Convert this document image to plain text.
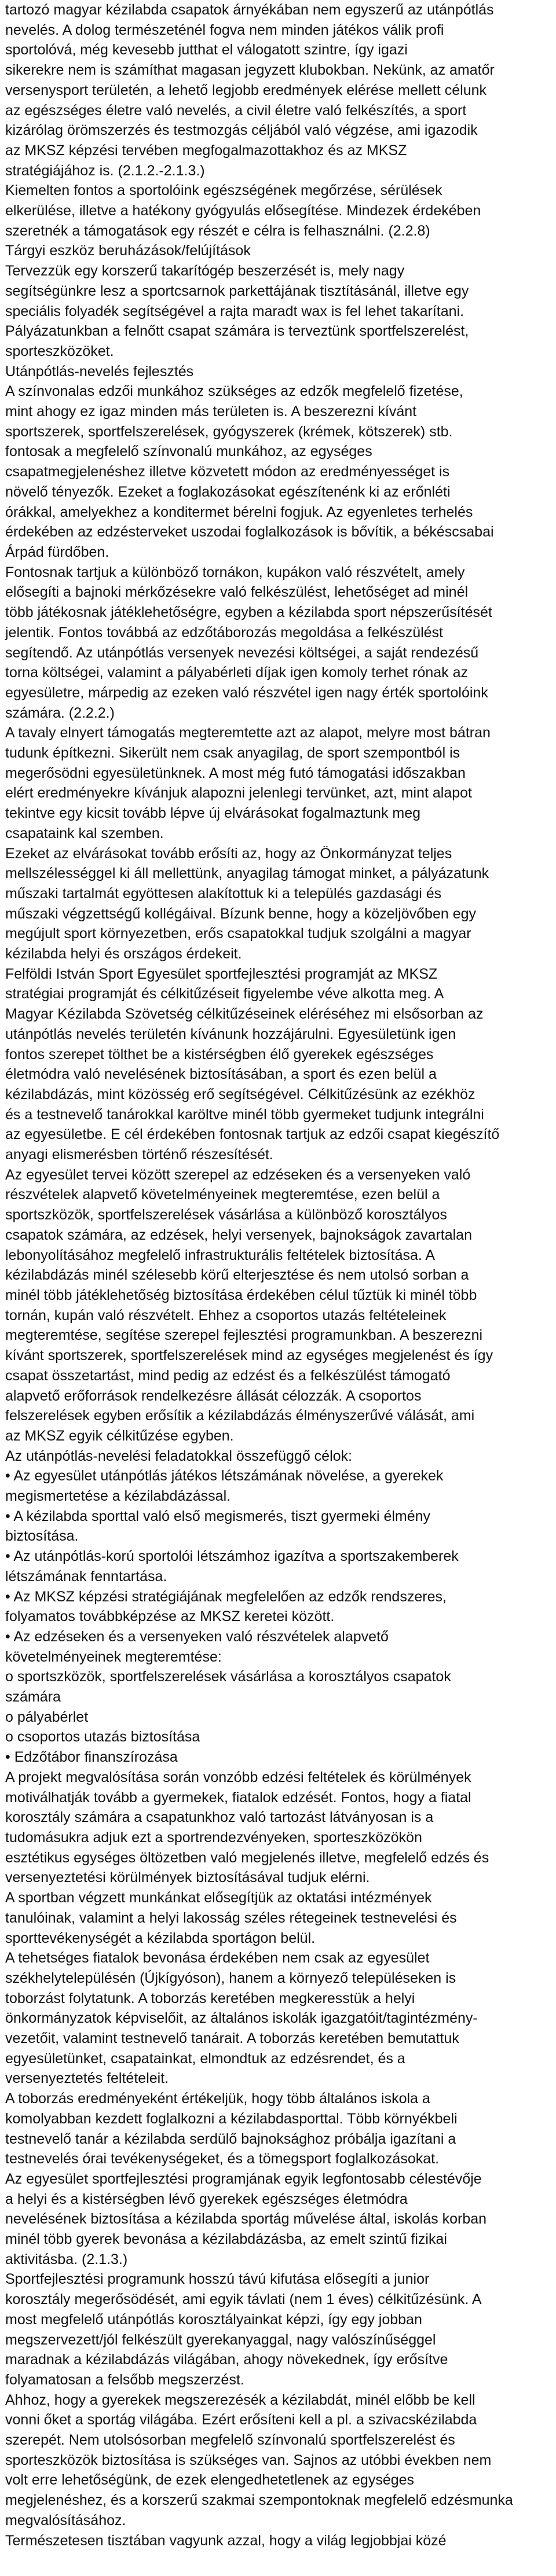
tartozó magyar kézilabda csapatok árnyékában nem egyszerű az utánpótlás
nevelés. A dolog természeténél fogva nem minden játékos válik profi
sportolóvá, még kevesebb jutthat el válogatott szintre, így igazi
sikerekre nem is számíthat magasan jegyzett klubokban. Nekünk, az amatőr
versenysport területén, a lehető legjobb eredmények elérése mellett célunk
az egészséges életre való nevelés, a civil életre való felkészítés, a sport
kizárólag örömszerzés és testmozgás céljából való végzése, ami igazodik
az MKSZ képzési tervében megfogalmazottakhoz és az MKSZ
stratégiájához is. (2.1.2.-2.1.3.)
Kiemelten fontos a sportolóink egészségének megőrzése, sérülések
elkerülése, illetve a hatékony gyógyulás elősegítése. Mindezek érdekében
szeretnék a támogatások egy részét e célra is felhasználni. (2.2.8)
Tárgyi eszköz beruházások/felújítások
Tervezzük egy korszerű takarítógép beszerzését is, mely nagy
segítségünkre lesz a sportcsarnok parkettájának tisztításánál, illetve egy
speciális folyadék segítségével a rajta maradt wax is fel lehet takarítani.
Pályázatunkban a felnőtt csapat számára is terveztünk sportfelszerelést,
sporteszközöket.
Utánpótlás-nevelés fejlesztés
A színvonalas edzői munkához szükséges az edzők megfelelő fizetése,
mint ahogy ez igaz minden más területen is. A beszerezni kívánt
sportszerek, sportfelszerelések, gyógyszerek (krémek, kötszerek) stb.
fontosak a megfelelő színvonalú munkához, az egységes
csapatmegjelenéshez illetve közvetett módon az eredményességet is
növelő tényezők. Ezeket a foglakozásokat egészítenénk ki az erőnléti
órákkal, amelyekhez a konditermet bérelni fogjuk. Az egyenletes terhelés
érdekében az edzésterveket uszodai foglalkozások is bővítik, a békéscsabai
Árpád fürdőben.
Fontosnak tartjuk a különböző tornákon, kupákon való részvételt, amely
elősegíti a bajnoki mérkőzésekre való felkészülést, lehetőséget ad minél
több játékosnak játéklehetőségre, egyben a kézilabda sport népszerűsítését
jelentik. Fontos továbbá az edzőtáborozás megoldása a felkészülést
segítendő. Az utánpótlás versenyek nevezési költségei, a saját rendezésű
torna költségei, valamint a pályabérleti díjak igen komoly terhet rónak az
egyesületre, márpedig az ezeken való részvétel igen nagy érték sportolóink
számára. (2.2.2.)
A tavaly elnyert támogatás megteremtette azt az alapot, melyre most bátran
tudunk építkezni. Sikerült nem csak anyagilag, de sport szempontból is
megerősödni egyesületünknek. A most még futó támogatási időszakban
elért eredményekre kívánjuk alapozni jelenlegi tervünket, azt, mint alapot
tekintve egy kicsit tovább lépve új elvárásokat fogalmaztunk meg
csapataink kal szemben.
Ezeket az elvárásokat tovább erősíti az, hogy az Önkormányzat teljes
mellszélességgel ki áll mellettünk, anyagilag támogat minket, a pályázatunk
műszaki tartalmát egyöttesen alakítottuk ki a település gazdasági és
műszaki végzettségű kollégáival. Bízunk benne, hogy a közeljövőben egy
megújult sport környezetben, erős csapatokkal tudjuk szolgálni a magyar
kézilabda helyi és országos érdekeit.
Felföldi István Sport Egyesület sportfejlesztési programját az MKSZ
stratégiai programját és célkitűzéseit figyelembe véve alkotta meg. A
Magyar Kézilabda Szövetség célkitűzéseinek eléréséhez mi elsősorban az
utánpótlás nevelés területén kívánunk hozzájárulni. Egyesületünk igen
fontos szerepet tölthet be a kistérségben élő gyerekek egészséges
életmódra való nevelésének biztosításában, a sport és ezen belül a
kézilabdázás, mint közösség erő segítségével. Célkitűzésünk az ezékhöz
és a testnevelő tanárokkal karöltve minél több gyermeket tudjunk integrálni
az egyesületbe. E cél érdekében fontosnak tartjuk az edzői csapat kiegészítő
anyagi elismerésben történő részesítését.
Az egyesület tervei között szerepel az edzéseken és a versenyeken való
részvételek alapvető követelményeinek megteremtése, ezen belül a
sportszközök, sportfelszerelések vásárlása a különböző korosztályos
csapatok számára, az edzések, helyi versenyek, bajnokságok zavartalan
lebonyolításához megfelelő infrastrukturális feltételek biztosítása. A
kézilabdázás minél szélesebb körű elterjesztése és nem utolsó sorban a
minél több játéklehetőség biztosítása érdekében célul tűztük ki minél több
tornán, kupán való részvételt. Ehhez a csoportos utazás feltételeinek
megteremtése, segítése szerepel fejlesztési programunkban. A beszerezni
kívánt sportszerek, sportfelszerelések mind az egységes megjelenést és így
csapat összetartást, mind pedig az edzést és a felkészülést támogató
alapvető erőforrások rendelkezésre állását célozzák. A csoportos
felszerelések egyben erősítik a kézilabdázás élményszerűvé válását, ami
az MKSZ egyik célkitűzése egyben.
Az utánpótlás-nevelési feladatokkal összefüggő célok:
• Az egyesület utánpótlás játékos létszámának növelése, a gyerekek
megismertetése a kézilabdázással.
• A kézilabda sporttal való első megismerés, tiszt gyermeki élmény
biztosítása.
• Az utánpótlás-korú sportolói létszámhoz igazítva a sportszakemberek
létszámának fenntartása.
• Az MKSZ képzési stratégiájának megfelelően az edzők rendszeres,
folyamatos továbbképzése az MKSZ keretei között.
• Az edzéseken és a versenyeken való részvételek alapvető
követelményeinek megteremtése:
o sportszközök, sportfelszerelések vásárlása a korosztályos csapatok
számára
o pályabérlet
o csoportos utazás biztosítása
• Edzőtábor finanszírozása
A projekt megvalósítása során vonzóbb edzési feltételek és körülmények
motiválhatják tovább a gyermekek, fiatalok edzését. Fontos, hogy a fiatal
korosztály számára a csapatunkhoz való tartozást látványosan is a
tudomásukra adjuk ezt a sportrendezvényeken, sporteszközökön
esztétikus egységes öltözetben való megjelenés illetve, megfelelő edzés és
versenyeztetési körülmények biztosításával tudjuk elérni.
A sportban végzett munkánkat elősegítjük az oktatási intézmények
tanulóinak, valamint a helyi lakosság széles rétegeinek testnevelési és
sporttevékenységét a kézilabda sportágon belül.
A tehetséges fiatalok bevonása érdekében nem csak az egyesület
székhelytelepülésén (Újkígyóson), hanem a környező településeken is
toborzást folytatunk. A toborzás keretében megkeresstük a helyi
önkormányzatok képviselőit, az általános iskolák igazgatóit/tagintézmény-
vezetőit, valamint testnevelő tanárait. A toborzás keretében bemutattuk
egyesületünket, csapatainkat, elmondtuk az edzésrendet, és a
versenyeztetés feltételeit.
A toborzás eredményeként értékeljük, hogy több általános iskola a
komolyabban kezdett foglalkozni a kézilabdasporttal. Több környékbeli
testnevelő tanár a kézilabda serdülő bajnoksághoz próbálja igazítani a
testnevelés órai tevékenységeket, és a tömegsport foglalkozásokat.
Az egyesület sportfejlesztési programjának egyik legfontosabb célestévője
a helyi és a kistérségben lévő gyerekek egészséges életmódra
nevelésének biztosítása a kézilabda sportág művelése által, iskolás korban
minél több gyerek bevonása a kézilabdázásba, az emelt szintű fizikai
aktivitásba. (2.1.3.)
Sportfejlesztési programunk hosszú távú kifutása elősegíti a junior
korosztály megerősödését, ami egyik távlati (nem 1 éves) célkitűzésünk. A
most megfelelő utánpótlás korosztályainkat képzi, így egy jobban
megszervezett/jól felkészült gyerekanyaggal, nagy valószínűséggel
maradnak a kézilabdázás világában, ahogy növekednek, így erősítve
folyamatosan a felsőbb megszerzést.
Ahhoz, hogy a gyerekek megszerezésék a kézilabdát, minél előbb be kell
vonni őket a sportág világába. Ezért erősíteni kell a pl. a szivacskézilabda
szerepét. Nem utolsósorban megfelelő színvonalú sportfelszerelést és
sporteszközök biztosítása is szükséges van. Sajnos az utóbbi években nem
volt erre lehetőségünk, de ezek elengedhetetlenek az egységes
megjelenéshez, és a korszerű szakmai szempontoknak megfelelő edzésmunka
megvalósításához.
Természetesen tisztában vagyunk azzal, hogy a világ legjobbjai közé
